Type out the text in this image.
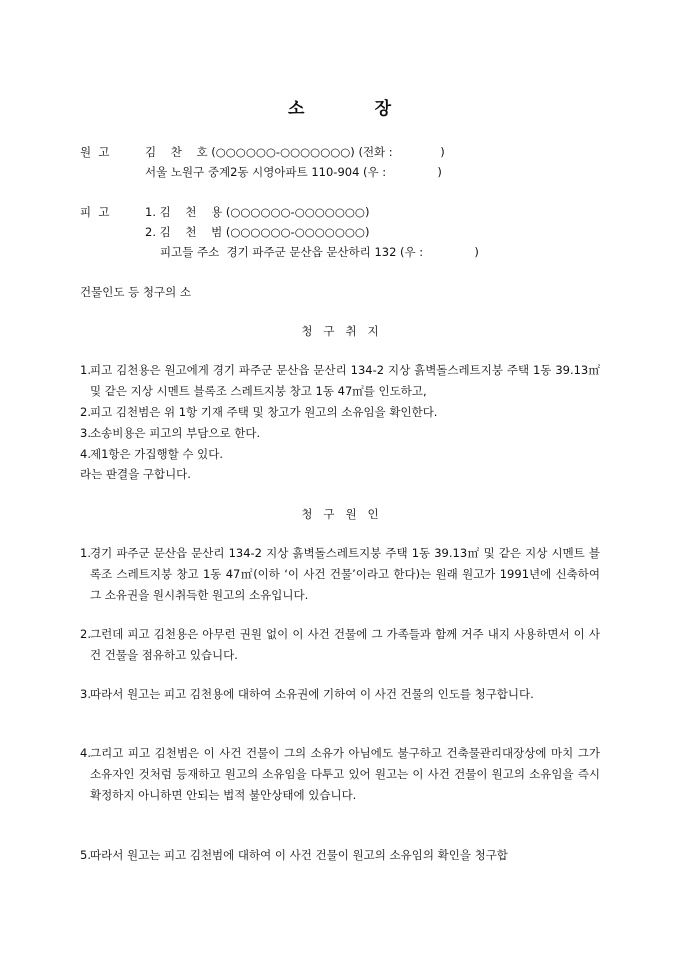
소          장
원  고	김    찬    호 (○○○○○○-○○○○○○○) (전화 :             )
서울 노원구 중계2동 시영아파트 110-904 (우 :              )
피  고	1. 김    천    용 (○○○○○○-○○○○○○○)
2. 김    천    범 (○○○○○○-○○○○○○○)
피고들 주소  경기 파주군 문산읍 문산하리 132 (우 :              )
건물인도 등 청구의 소
청   구   취   지
1. 피고 김천용은 원고에게 경기 파주군 문산읍 문산리 134-2 지상 흙벽돌스레트지붕 주택 1동 39.13㎡ 및 같은 지상 시멘트 블록조 스레트지붕 창고 1동 47㎡를 인도하고,
2. 피고 김천범은 위 1항 기재 주택 및 창고가 원고의 소유임을 확인한다.
3. 소송비용은 피고의 부담으로 한다.
4. 제1항은 가집행할 수 있다.
라는 판결을 구합니다.
청   구   원   인
1. 경기 파주군 문산읍 문산리 134-2 지상 흙벽돌스레트지붕 주택 1동 39.13㎡ 및 같은 지상 시멘트 블록조 스레트지붕 창고 1동 47㎡(이하 ‘이 사건 건물’이라고 한다)는 원래 원고가 1991년에 신축하여 그 소유권을 원시취득한 원고의 소유입니다.
2. 그런데 피고 김천용은 아무런 권원 없이 이 사건 건물에 그 가족들과 함께 거주 내지 사용하면서 이 사건 건물을 점유하고 있습니다.
3. 따라서 원고는 피고 김천용에 대하여 소유권에 기하여 이 사건 건물의 인도를 청구합니다.
4. 그리고 피고 김천범은 이 사건 건물이 그의 소유가 아님에도 불구하고 건축물관리대장상에 마치 그가 소유자인 것처럼 등재하고 원고의 소유임을 다투고 있어 원고는 이 사건 건물이 원고의 소유임을 즉시 확정하지 아니하면 안되는 법적 불안상태에 있습니다.
5. 따라서 원고는 피고 김천범에 대하여 이 사건 건물이 원고의 소유임의 확인을 청구합
